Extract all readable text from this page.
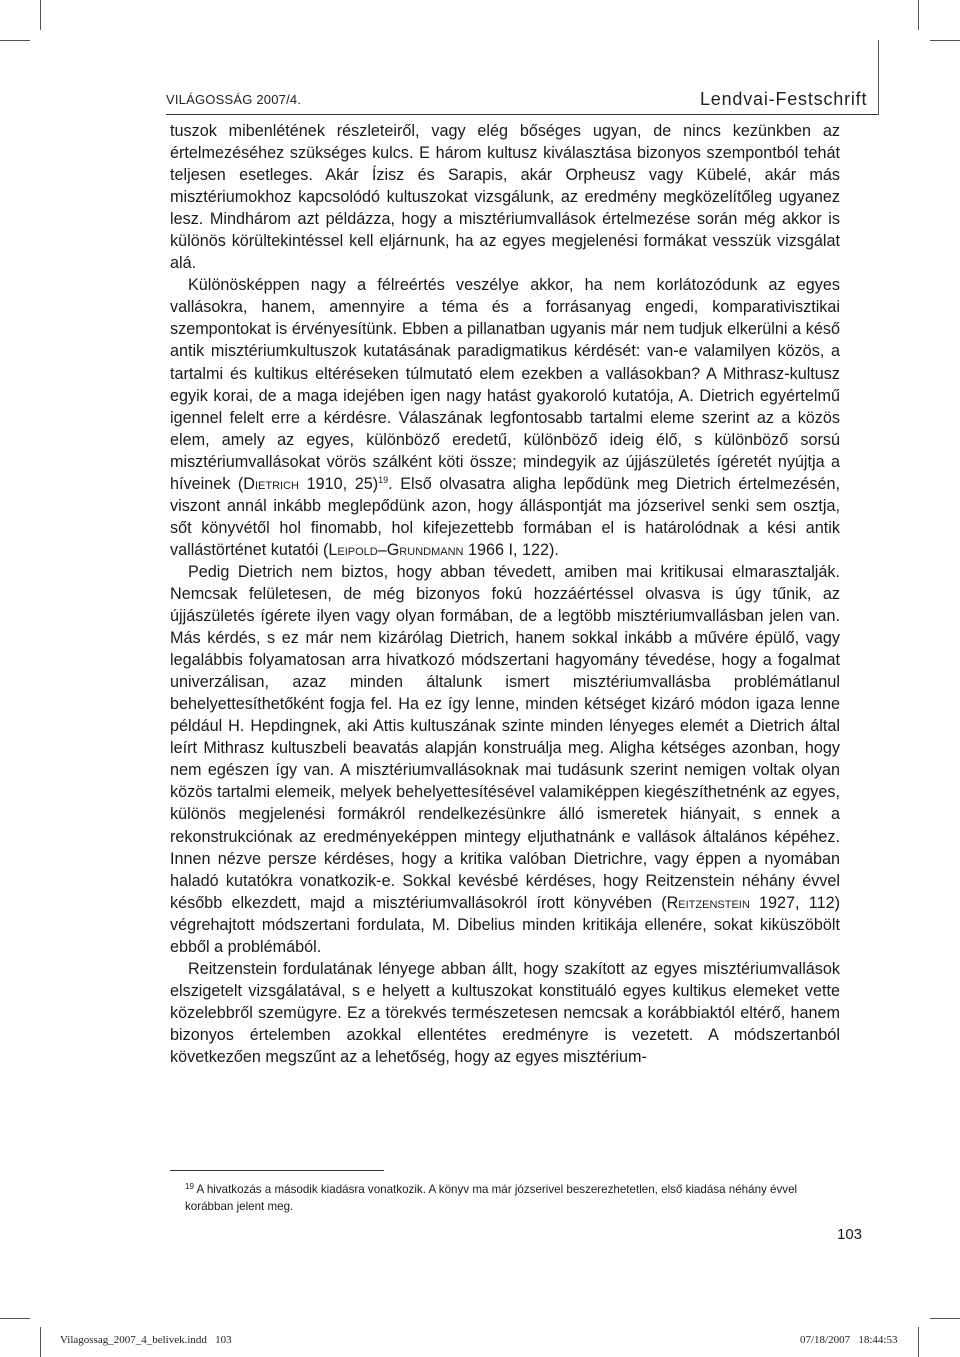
VILÁGOSSÁG 2007/4.	Lendvai-Festschrift

tuszok mibenlétének részleteiről, vagy elég bőséges ugyan, de nincs kezünkben az értelmezéséhez szükséges kulcs. E három kultusz kiválasztása bizonyos szempontból tehát teljesen esetleges. Akár Ízisz és Sarapis, akár Orpheusz vagy Kübelé, akár más misztériumokhoz kapcsolódó kultuszokat vizsgálunk, az eredmény megközelítőleg ugyanez lesz. Mindhárom azt példázza, hogy a misztériumvallások értelmezése során még akkor is különös körültekintéssel kell eljárnunk, ha az egyes megjelenési formákat vesszük vizsgálat alá.

Különösképpen nagy a félreértés veszélye akkor, ha nem korlátozódunk az egyes vallásokra, hanem, amennyire a téma és a forrásanyag engedi, komparativisztikai szempontokat is érvényesítünk. Ebben a pillanatban ugyanis már nem tudjuk elkerülni a késő antik misztériumkultuszok kutatásának paradigmatikus kérdését: van-e valamilyen közös, a tartalmi és kultikus eltéréseken túlmutató elem ezekben a vallásokban? A Mithrasz-kultusz egyik korai, de a maga idejében igen nagy hatást gyakoroló kutatója, A. Dietrich egyértelmű igennel felelt erre a kérdésre. Válaszának legfontosabb tartalmi eleme szerint az a közös elem, amely az egyes, különböző eredetű, különböző ideig élő, s különböző sorsú misztériumvallásokat vörös szálként köti össze; mindegyik az újjászületés ígéretét nyújtja a híveinek (Dietrich 1910, 25)$^{19}$. Első olvasatra aligha lepődünk meg Dietrich értelmezésén, viszont annál inkább meglepődünk azon, hogy álláspontját ma józserivel senki sem osztja, sőt könyvétől hol finomabb, hol kifejezettebb formában el is határolódnak a kési antik vallástörténet kutatói (Leipold–Grundmann 1966 I, 122).

Pedig Dietrich nem biztos, hogy abban tévedett, amiben mai kritikusai elmarasztalják. Nemcsak felületesen, de még bizonyos fokú hozzáértéssel olvasva is úgy tűnik, az újjászületés ígérete ilyen vagy olyan formában, de a legtöbb misztériumvallásban jelen van. Más kérdés, s ez már nem kizárólag Dietrich, hanem sokkal inkább a művére épülő, vagy legalábbis folyamatosan arra hivatkozó módszertani hagyomány tévedése, hogy a fogalmat univerzálisan, azaz minden általunk ismert misztériumvallásba problémátlanul behelyettesíthetőként fogja fel. Ha ez így lenne, minden kétséget kizáró módon igaza lenne például H. Hepdingnek, aki Attis kultuszának szinte minden lényeges elemét a Dietrich által leírt Mithrasz kultuszbeli beavatás alapján konstruálja meg. Aligha kétséges azonban, hogy nem egészen így van. A misztériumvallásoknak mai tudásunk szerint nemigen voltak olyan közös tartalmi elemeik, melyek behelyettesítésével valamiképpen kiegészíthetnénk az egyes, különös megjelenési formákról rendelkezésünkre álló ismeretek hiányait, s ennek a rekonstrukciónak az eredményeképpen mintegy eljuthatnánk e vallások általános képéhez. Innen nézve persze kérdéses, hogy a kritika valóban Dietrichre, vagy éppen a nyomában haladó kutatókra vonatkozik-e. Sokkal kevésbé kérdéses, hogy Reitzenstein néhány évvel később elkezdett, majd a misztériumvallásokról írott könyvében (Reitzenstein 1927, 112) végrehajtott módszertani fordulata, M. Dibelius minden kritikája ellenére, sokat kiküszöbölt ebből a problémából.

Reitzenstein fordulatának lényege abban állt, hogy szakított az egyes misztériumvallások elszigetelt vizsgálatával, s e helyett a kultuszokat konstituáló egyes kultikus elemeket vette közelebbről szemügyre. Ez a törekvés természetesen nemcsak a korábbiaktól eltérő, hanem bizonyos értelemben azokkal ellentétes eredményre is vezetett. A módszertanból következően megszűnt az a lehetőség, hogy az egyes misztérium-

$^{19}$ A hivatkozás a második kiadásra vonatkozik. A könyv ma már józserivel beszerezhetetlen, első kiadása néhány évvel korábban jelent meg.
103
Vilagossag_2007_4_belivek.indd   103	07/18/2007   18:44:53
